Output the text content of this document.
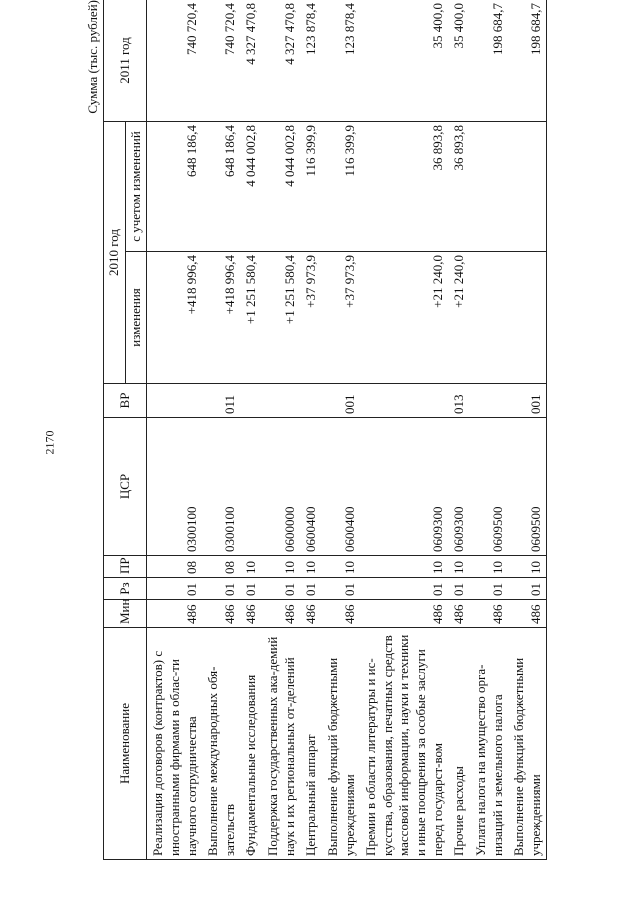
2170
Сумма (тыс. рублей)
Наименование	Мин	Рз	ПР	ЦСР	ВР	2010 год		2011 год
						изменения	с учетом изменений	
Реализация договоров (контрактов) с иностранными фирмами в облас-ти научного сотрудничества	486	01	08	0300100		+418 996,4	648 186,4	740 720,4
Выполнение международных обя-зательств	486	01	08	0300100	011	+418 996,4	648 186,4	740 720,4
Фундаментальные исследования	486	01	10			+1 251 580,4	4 044 002,8	4 327 470,8
Поддержка государственных ака-демий наук и их региональных от-делений	486	01	10	0600000		+1 251 580,4	4 044 002,8	4 327 470,8
Центральный аппарат	486	01	10	0600400		+37 973,9	116 399,9	123 878,4
Выполнение функций бюджетными учреждениями	486	01	10	0600400	001	+37 973,9	116 399,9	123 878,4
Премии в области литературы и ис-кусства, образования, печатных средств массовой информации, науки и техники и иные поощрения за особые заслуги перед государст-вом	486	01	10	0609300		+21 240,0	36 893,8	35 400,0
Прочие расходы	486	01	10	0609300	013	+21 240,0	36 893,8	35 400,0
Уплата налога на имущество орга-низаций и земельного налога	486	01	10	0609500				198 684,7
Выполнение функций бюджетными учреждениями	486	01	10	0609500	001			198 684,7
